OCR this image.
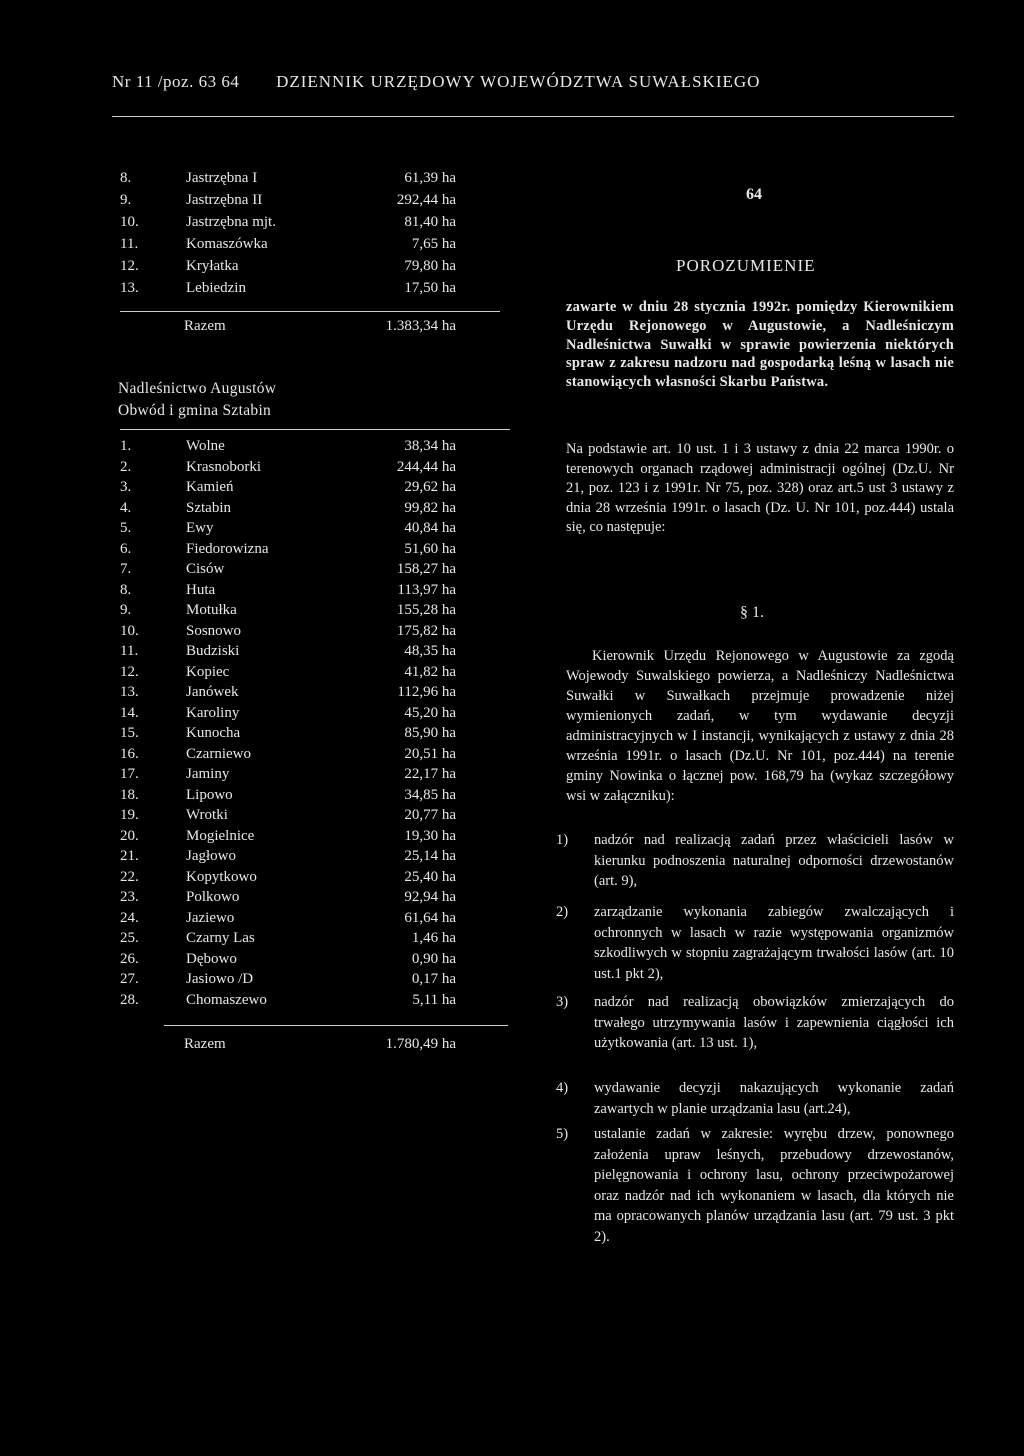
Nr 11 /poz. 63 64 DZIENNIK URZĘDOWY WOJEWÓDZTWA SUWAŁSKIEGO
8.	Jastrzębna I	61,39 ha
9.	Jastrzębna II	292,44 ha
10.	Jastrzębna mjt.	81,40 ha
11.	Komaszówka	7,65 ha
12.	Kryłatka	79,80 ha
13.	Lebiedzin	17,50 ha
Razem	1.383,34 ha
Nadleśnictwo Augustów
Obwód i gmina Sztabin
1.	Wolne	38,34 ha
2.	Krasnoborki	244,44 ha
3.	Kamień	29,62 ha
4.	Sztabin	99,82 ha
5.	Ewy	40,84 ha
6.	Fiedorowizna	51,60 ha
7.	Cisów	158,27 ha
8.	Huta	113,97 ha
9.	Motułka	155,28 ha
10.	Sosnowo	175,82 ha
11.	Budziski	48,35 ha
12.	Kopiec	41,82 ha
13.	Janówek	112,96 ha
14.	Karoliny	45,20 ha
15.	Kunocha	85,90 ha
16.	Czarniewo	20,51 ha
17.	Jaminy	22,17 ha
18.	Lipowo	34,85 ha
19.	Wrotki	20,77 ha
20.	Mogielnice	19,30 ha
21.	Jagłowo	25,14 ha
22.	Kopytkowo	25,40 ha
23.	Polkowo	92,94 ha
24.	Jaziewo	61,64 ha
25.	Czarny Las	1,46 ha
26.	Dębowo	0,90 ha
27.	Jasiowo /D	0,17 ha
28.	Chomaszewo	5,11 ha
Razem	1.780,49 ha
64
POROZUMIENIE
zawarte w dniu 28 stycznia 1992r. pomiędzy Kierownikiem Urzędu Rejonowego w Augustowie, a Nadleśniczym Nadleśnictwa Suwałki w sprawie powierzenia niektórych spraw z zakresu nadzoru nad gospodarką leśną w lasach nie stanowiących własności Skarbu Państwa.
Na podstawie art. 10 ust. 1 i 3 ustawy z dnia 22 marca 1990r. o terenowych organach rządowej administracji ogólnej (Dz.U. Nr 21, poz. 123 i z 1991r. Nr 75, poz. 328) oraz art.5 ust 3 ustawy z dnia 28 września 1991r. o lasach (Dz. U. Nr 101, poz.444) ustala się, co następuje:
§ 1.
Kierownik Urzędu Rejonowego w Augustowie za zgodą Wojewody Suwalskiego powierza, a Nadleśniczy Nadleśnictwa Suwałki w Suwałkach przejmuje prowadzenie niżej wymienionych zadań, w tym wydawanie decyzji administracyjnych w I instancji, wynikających z ustawy z dnia 28 września 1991r. o lasach (Dz.U. Nr 101, poz.444) na terenie gminy Nowinka o łącznej pow. 168,79 ha (wykaz szczegółowy wsi w załączniku):
1) nadzór nad realizacją zadań przez właścicieli lasów w kierunku podnoszenia naturalnej odporności drzewostanów (art. 9),
2) zarządzanie wykonania zabiegów zwalczających i ochronnych w lasach w razie występowania organizmów szkodliwych w stopniu zagrażającym trwałości lasów (art. 10 ust.1 pkt 2),
3) nadzór nad realizacją obowiązków zmierzających do trwałego utrzymywania lasów i zapewnienia ciągłości ich użytkowania (art. 13 ust. 1),
4) wydawanie decyzji nakazujących wykonanie zadań zawartych w planie urządzania lasu (art.24),
5) ustalanie zadań w zakresie: wyrębu drzew, ponownego założenia upraw leśnych, przebudowy drzewostanów, pielęgnowania i ochrony lasu, ochrony przeciwpożarowej oraz nadzór nad ich wykonaniem w lasach, dla których nie ma opracowanych planów urządzania lasu (art. 79 ust. 3 pkt 2).
